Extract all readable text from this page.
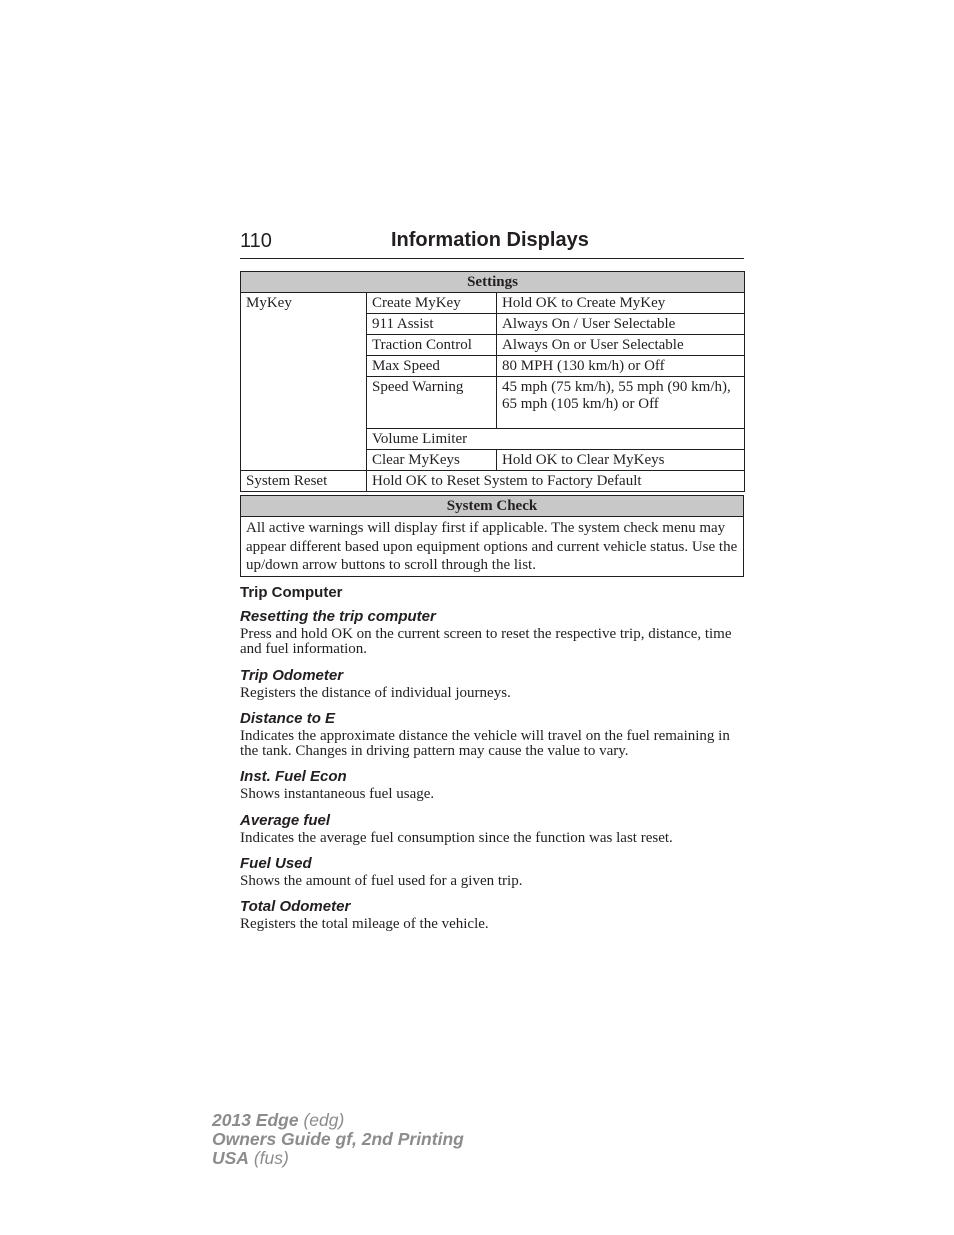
110	Information Displays
Settings		
MyKey	Create MyKey	Hold OK to Create MyKey
	911 Assist	Always On / User Selectable
	Traction Control	Always On or User Selectable
	Max Speed	80 MPH (130 km/h) or Off
	Speed Warning	45 mph (75 km/h), 55 mph (90 km/h), 65 mph (105 km/h) or Off
	Volume Limiter	
	Clear MyKeys	Hold OK to Clear MyKeys
System Reset	Hold OK to Reset System to Factory Default	
System Check
All active warnings will display first if applicable. The system check menu may appear different based upon equipment options and current vehicle status. Use the up/down arrow buttons to scroll through the list.
Trip Computer
Resetting the trip computer

Press and hold OK on the current screen to reset the respective trip, distance, time and fuel information.

Trip Odometer

Registers the distance of individual journeys.

Distance to E

Indicates the approximate distance the vehicle will travel on the fuel remaining in the tank. Changes in driving pattern may cause the value to vary.

Inst. Fuel Econ

Shows instantaneous fuel usage.

Average fuel

Indicates the average fuel consumption since the function was last reset.

Fuel Used

Shows the amount of fuel used for a given trip.

Total Odometer

Registers the total mileage of the vehicle.

2013 Edge (edg)
Owners Guide gf, 2nd Printing
USA (fus)
